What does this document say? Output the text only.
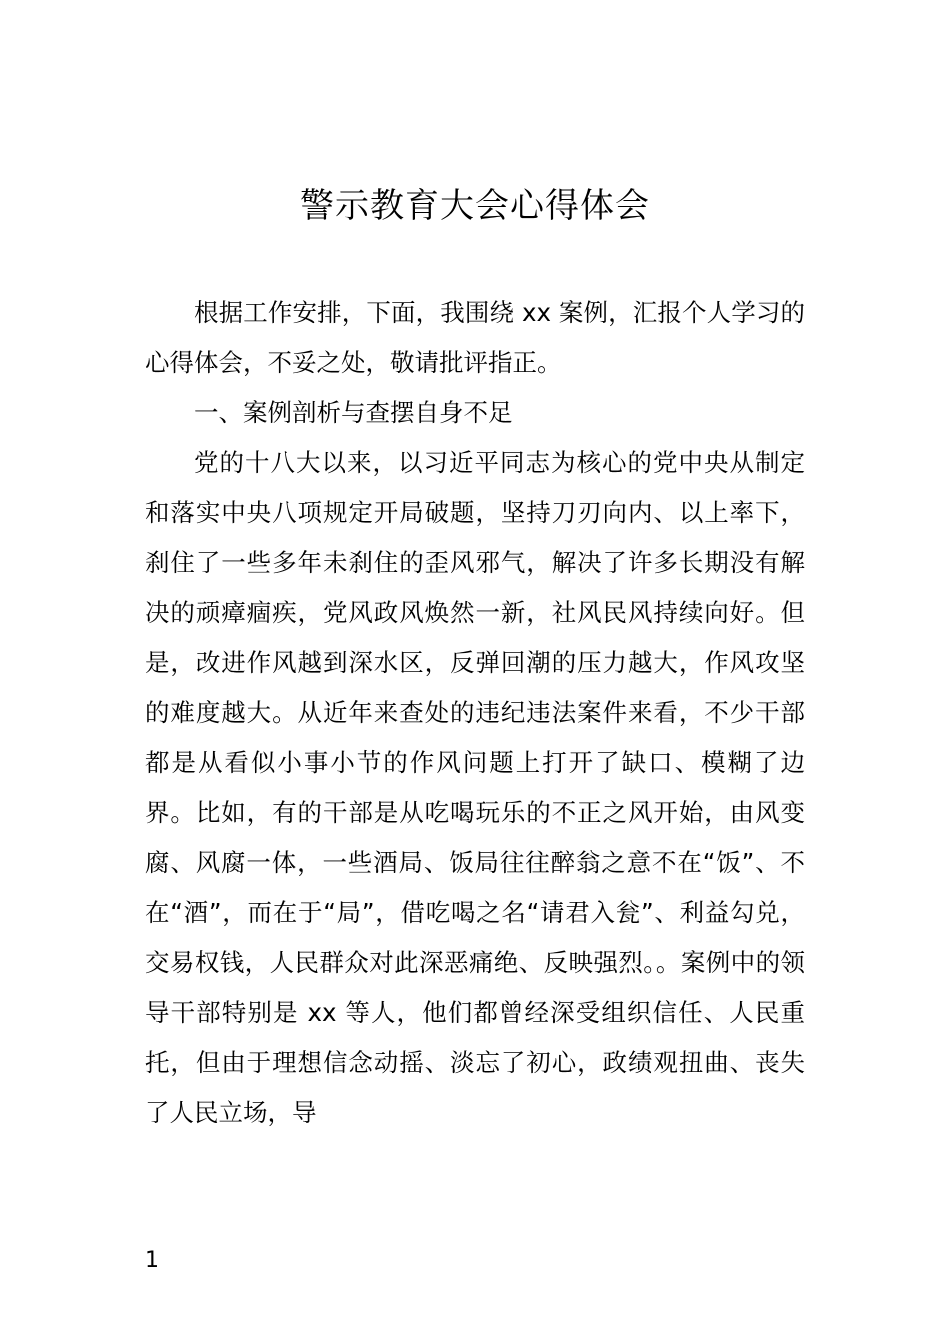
警示教育大会心得体会

根据工作安排，下面，我围绕 xx 案例，汇报个人学习的心得体会，不妥之处，敬请批评指正。

一、案例剖析与查摆自身不足

党的十八大以来，以习近平同志为核心的党中央从制定和落实中央八项规定开局破题，坚持刀刃向内、以上率下，刹住了一些多年未刹住的歪风邪气，解决了许多长期没有解决的顽瘴痼疾，党风政风焕然一新，社风民风持续向好。但是，改进作风越到深水区，反弹回潮的压力越大，作风攻坚的难度越大。从近年来查处的违纪违法案件来看，不少干部都是从看似小事小节的作风问题上打开了缺口、模糊了边界。比如，有的干部是从吃喝玩乐的不正之风开始，由风变腐、风腐一体，一些酒局、饭局往往醉翁之意不在“饭”、不在“酒”，而在于“局”，借吃喝之名“请君入瓮”、利益勾兑，交易权钱，人民群众对此深恶痛绝、反映强烈。。案例中的领导干部特别是 xx 等人，他们都曾经深受组织信任、人民重托，但由于理想信念动摇、淡忘了初心，政绩观扭曲、丧失了人民立场，导

1
